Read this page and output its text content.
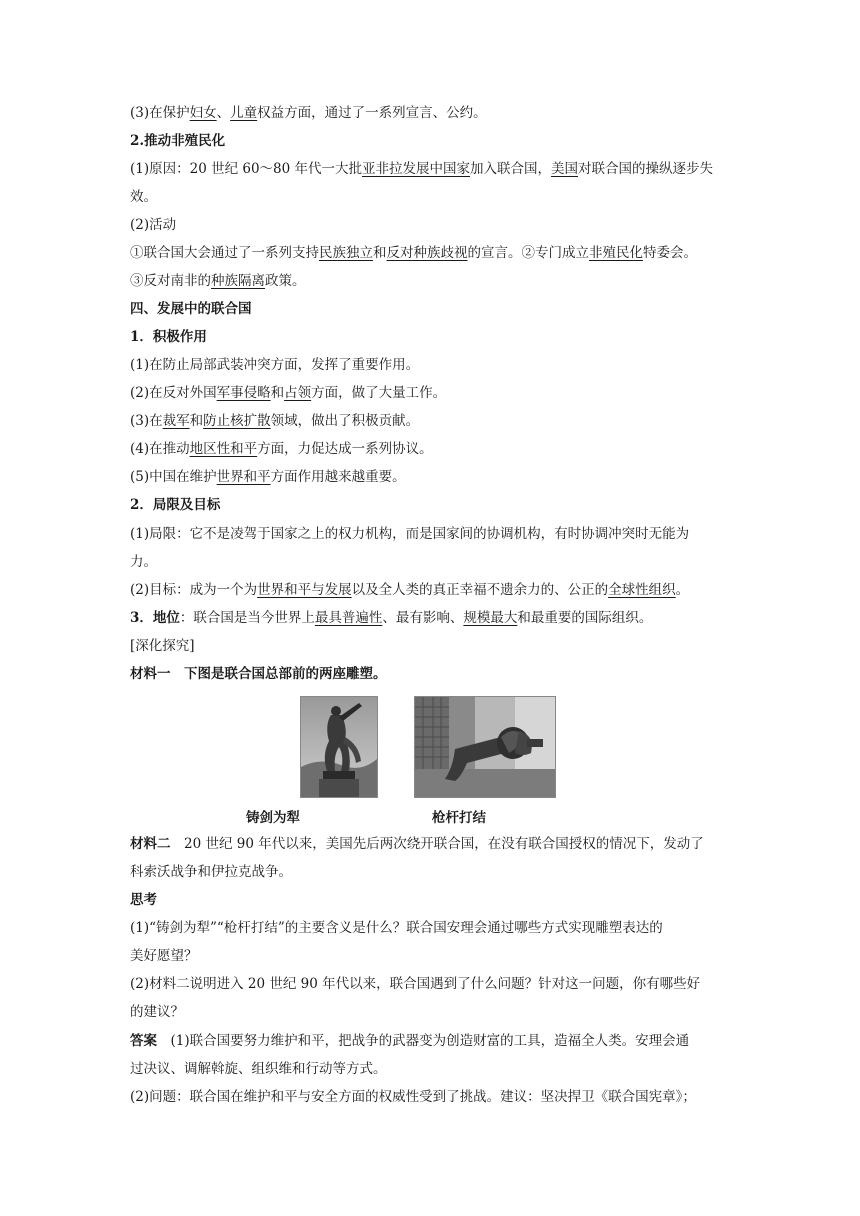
(3)在保护妇女、儿童权益方面，通过了一系列宣言、公约。
2.推动非殖民化
(1)原因：20 世纪 60～80 年代一大批亚非拉发展中国家加入联合国，美国对联合国的操纵逐步失
效。
(2)活动
①联合国大会通过了一系列支持民族独立和反对种族歧视的宣言。②专门成立非殖民化特委会。
③反对南非的种族隔离政策。
四、发展中的联合国
1．积极作用
(1)在防止局部武装冲突方面，发挥了重要作用。
(2)在反对外国军事侵略和占领方面，做了大量工作。
(3)在裁军和防止核扩散领域，做出了积极贡献。
(4)在推动地区性和平方面，力促达成一系列协议。
(5)中国在维护世界和平方面作用越来越重要。
2．局限及目标
(1)局限：它不是凌驾于国家之上的权力机构，而是国家间的协调机构，有时协调冲突时无能为
力。
(2)目标：成为一个为世界和平与发展以及全人类的真正幸福不遗余力的、公正的全球性组织。
3．地位：联合国是当今世界上最具普遍性、最有影响、规模最大和最重要的国际组织。
[深化探究]
材料一　下图是联合国总部前的两座雕塑。
铸剑为犁	枪杆打结
材料二　20 世纪 90 年代以来，美国先后两次绕开联合国，在没有联合国授权的情况下，发动了
科索沃战争和伊拉克战争。
思考
(1)“铸剑为犁”“枪杆打结”的主要含义是什么？联合国安理会通过哪些方式实现雕塑表达的
美好愿望？
(2)材料二说明进入 20 世纪 90 年代以来，联合国遇到了什么问题？针对这一问题，你有哪些好
的建议？
答案　(1)联合国要努力维护和平，把战争的武器变为创造财富的工具，造福全人类。安理会通
过决议、调解斡旋、组织维和行动等方式。
(2)问题：联合国在维护和平与安全方面的权威性受到了挑战。建议：坚决捍卫《联合国宪章》；
